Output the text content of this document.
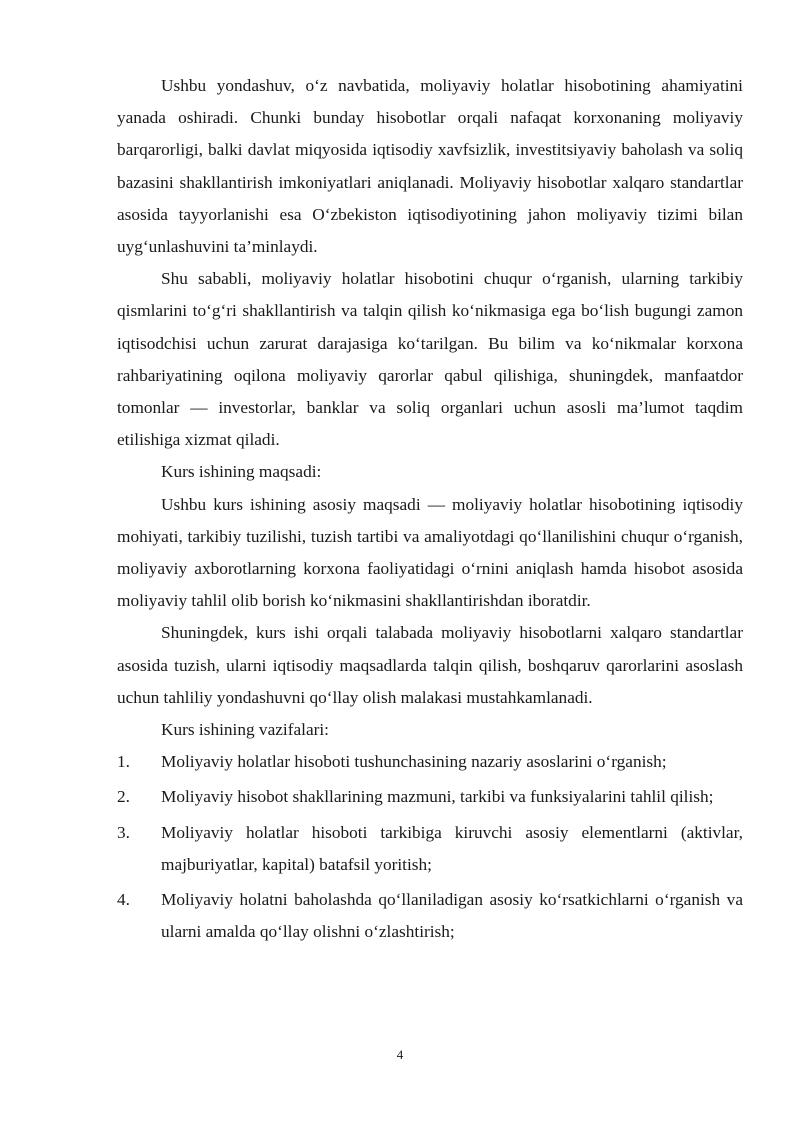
Ushbu yondashuv, o‘z navbatida, moliyaviy holatlar hisobotining ahamiyatini yanada oshiradi. Chunki bunday hisobotlar orqali nafaqat korxonaning moliyaviy barqarorligi, balki davlat miqyosida iqtisodiy xavfsizlik, investitsiyaviy baholash va soliq bazasini shakllantirish imkoniyatlari aniqlanadi. Moliyaviy hisobotlar xalqaro standartlar asosida tayyorlanishi esa O‘zbekiston iqtisodiyotining jahon moliyaviy tizimi bilan uyg‘unlashuvini ta’minlaydi.

Shu sababli, moliyaviy holatlar hisobotini chuqur o‘rganish, ularning tarkibiy qismlarini to‘g‘ri shakllantirish va talqin qilish ko‘nikmasiga ega bo‘lish bugungi zamon iqtisodchisi uchun zarurat darajasiga ko‘tarilgan. Bu bilim va ko‘nikmalar korxona rahbariyatining oqilona moliyaviy qarorlar qabul qilishiga, shuningdek, manfaatdor tomonlar — investorlar, banklar va soliq organlari uchun asosli ma’lumot taqdim etilishiga xizmat qiladi.

Kurs ishining maqsadi:

Ushbu kurs ishining asosiy maqsadi — moliyaviy holatlar hisobotining iqtisodiy mohiyati, tarkibiy tuzilishi, tuzish tartibi va amaliyotdagi qo‘llanilishini chuqur o‘rganish, moliyaviy axborotlarning korxona faoliyatidagi o‘rnini aniqlash hamda hisobot asosida moliyaviy tahlil olib borish ko‘nikmasini shakllantirishdan iboratdir.

Shuningdek, kurs ishi orqali talabada moliyaviy hisobotlarni xalqaro standartlar asosida tuzish, ularni iqtisodiy maqsadlarda talqin qilish, boshqaruv qarorlarini asoslash uchun tahliliy yondashuvni qo‘llay olish malakasi mustahkamlanadi.

Kurs ishining vazifalari:

1. Moliyaviy holatlar hisoboti tushunchasining nazariy asoslarini o‘rganish;
2. Moliyaviy hisobot shakllarining mazmuni, tarkibi va funksiyalarini tahlil qilish;
3. Moliyaviy holatlar hisoboti tarkibiga kiruvchi asosiy elementlarni (aktivlar, majburiyatlar, kapital) batafsil yoritish;
4. Moliyaviy holatni baholashda qo‘llaniladigan asosiy ko‘rsatkichlarni o‘rganish va ularni amalda qo‘llay olishni o‘zlashtirish;
4
